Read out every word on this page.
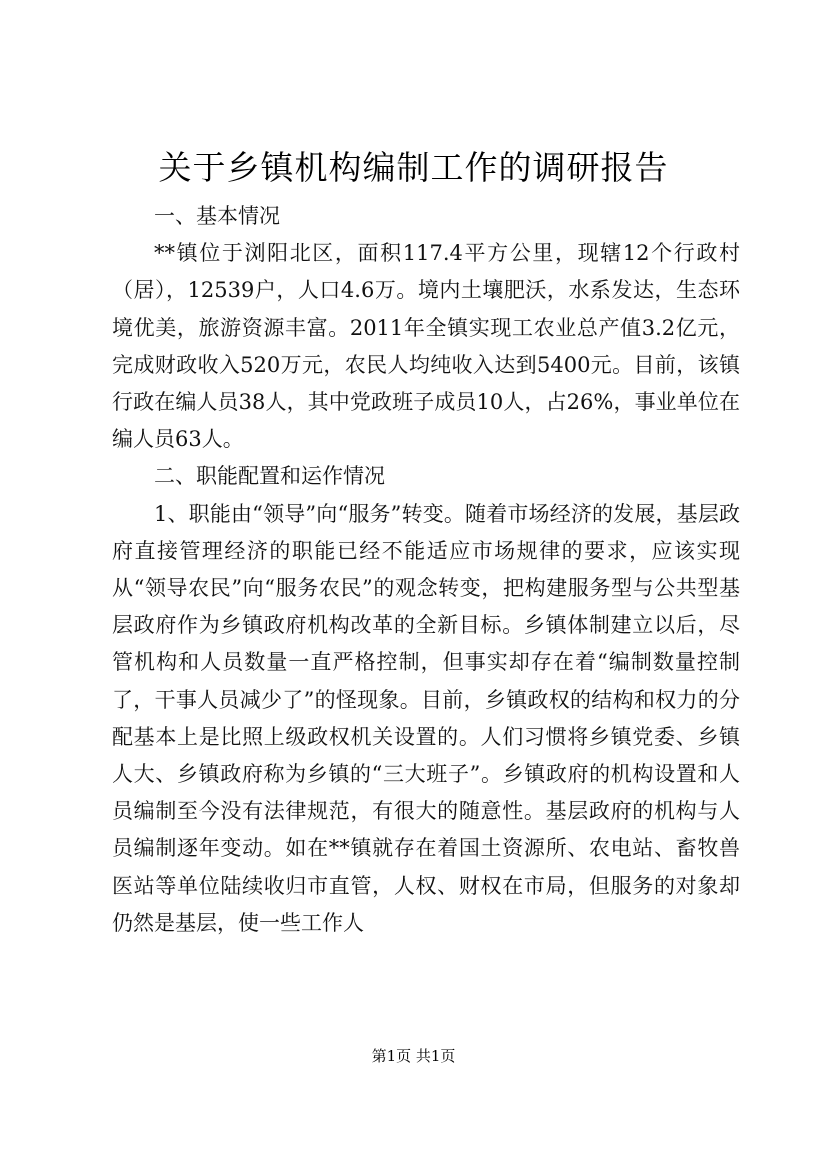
关于乡镇机构编制工作的调研报告

一、基本情况

**镇位于浏阳北区，面积117.4平方公里，现辖12个行政村（居），12539户，人口4.6万。境内土壤肥沃，水系发达，生态环境优美，旅游资源丰富。2011年全镇实现工农业总产值3.2亿元，完成财政收入520万元，农民人均纯收入达到5400元。目前，该镇行政在编人员38人，其中党政班子成员10人，占26%，事业单位在编人员63人。

二、职能配置和运作情况

1、职能由“领导”向“服务”转变。随着市场经济的发展，基层政府直接管理经济的职能已经不能适应市场规律的要求，应该实现从“领导农民”向“服务农民”的观念转变，把构建服务型与公共型基层政府作为乡镇政府机构改革的全新目标。乡镇体制建立以后，尽管机构和人员数量一直严格控制，但事实却存在着“编制数量控制了，干事人员减少了”的怪现象。目前，乡镇政权的结构和权力的分配基本上是比照上级政权机关设置的。人们习惯将乡镇党委、乡镇人大、乡镇政府称为乡镇的“三大班子”。乡镇政府的机构设置和人员编制至今没有法律规范，有很大的随意性。基层政府的机构与人员编制逐年变动。如在**镇就存在着国土资源所、农电站、畜牧兽医站等单位陆续收归市直管，人权、财权在市局，但服务的对象却仍然是基层，使一些工作人

第1页 共1页
